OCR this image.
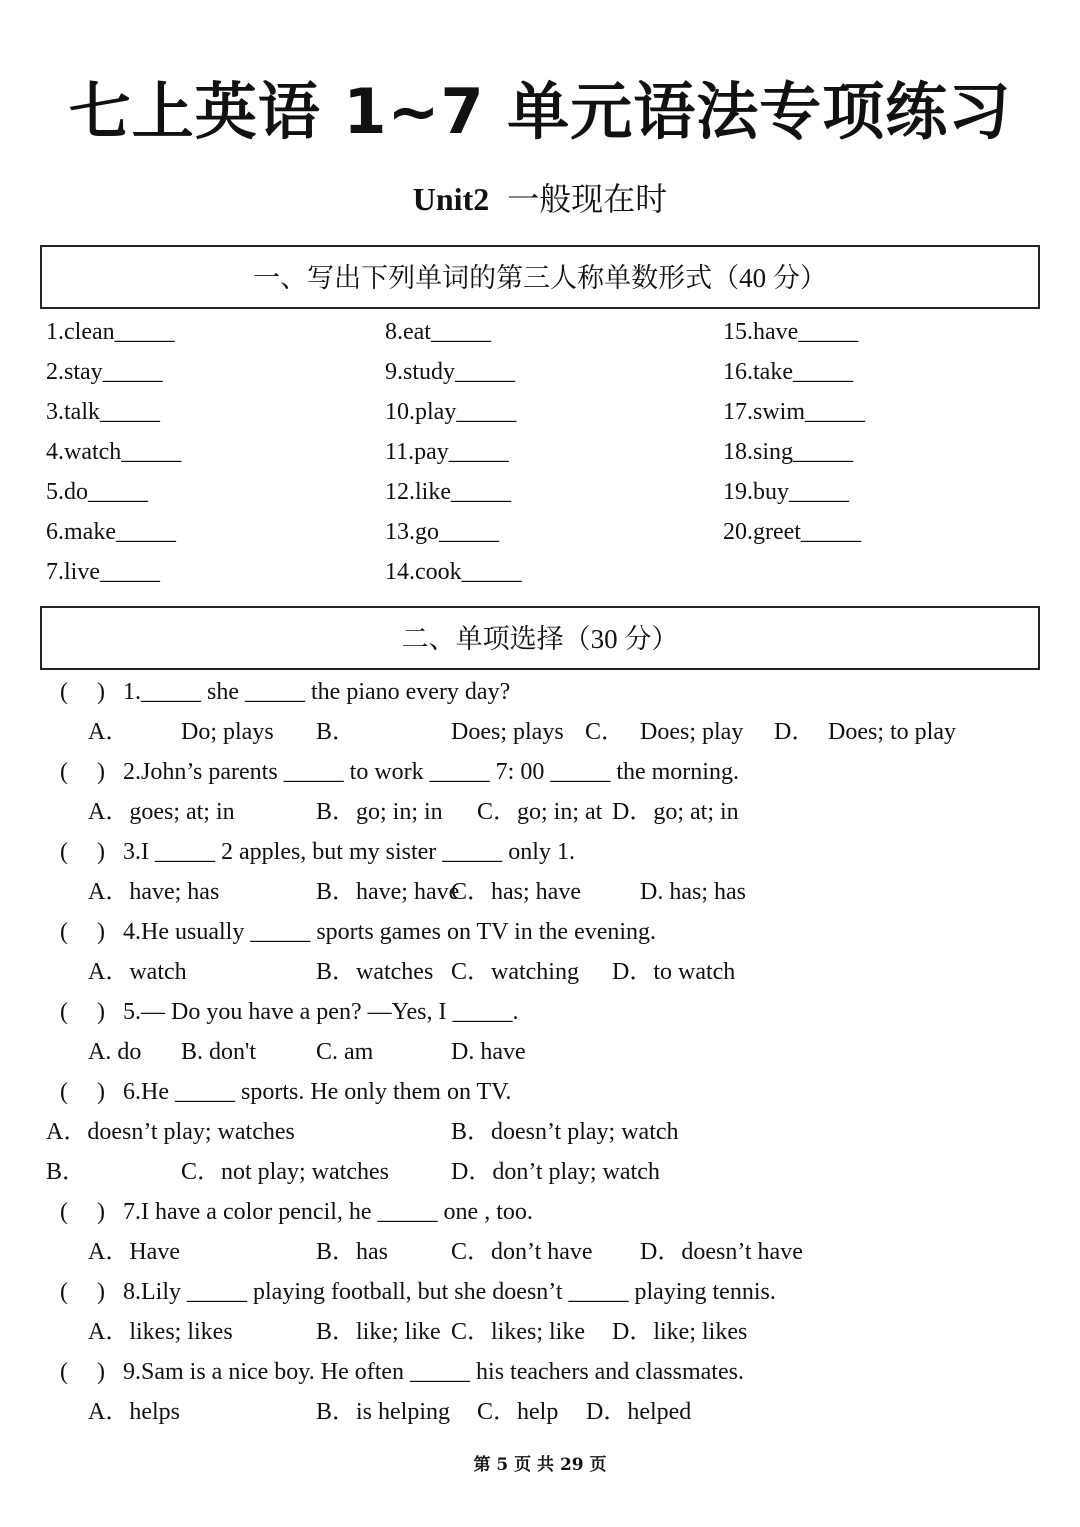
七上英语 1~7 单元语法专项练习
Unit2 一般现在时
一、写出下列单词的第三人称单数形式（40 分）
1.clean_____
2.stay_____
3.talk_____
4.watch_____
5.do_____
6.make_____
7.live_____
8.eat_____
9.study_____
10.play_____
11.pay_____
12.like_____
13.go_____
14.cook_____
15.have_____
16.take_____
17.swim_____
18.sing_____
19.buy_____
20.greet_____
二、单项选择（30 分）
( ) 1._____ she _____ the piano every day?
A． Do; plays B．	Does; plays C． Does; play D． Does; to play
( ) 2.John’s parents _____ to work _____ 7: 00 _____ the morning.
A．goes; at; in	B．go; in; in C．go; in; at D．go; at; in
( ) 3.I _____ 2 apples, but my sister _____ only 1.
A．have; has	B．have; have
C．has; have D. has; has
( ) 4.He usually _____ sports games on TV in the evening.
A．watch	B．watches C．watching D．to watch
( ) 5.— Do you have a pen? —Yes, I _____.
A. do B. don't	C. am	D. have
( ) 6.He _____ sports. He only them on TV.
A．doesn’t play; watches	B．doesn’t play; watch
B．	C．not play; watches	D．don’t play; watch
( ) 7.I have a color pencil, he _____ one , too.
A．Have	B．has	C．don’t have D．doesn’t have
( ) 8.Lily _____ playing football, but she doesn’t _____ playing tennis.
A．likes; likes	B．like; like C．likes; like D．like; likes
( ) 9.Sam is a nice boy. He often _____ his teachers and classmates.
A．helps	B．is helping C．help D．helped
第 5 页 共 29 页
